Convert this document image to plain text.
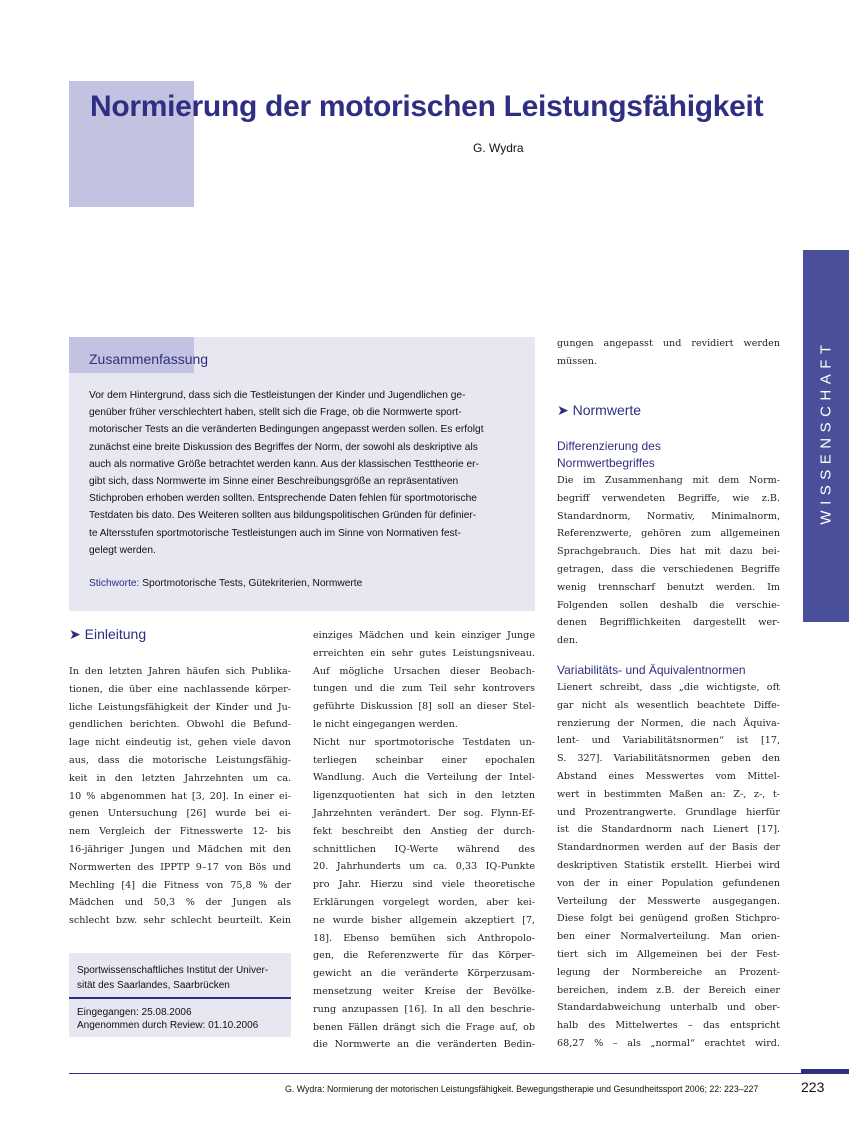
Normierung der motorischen Leistungsfähigkeit
G. Wydra
WISSENSCHAFT
Zusammenfassung
Vor dem Hintergrund, dass sich die Testleistungen der Kinder und Jugendlichen ge-
genüber früher verschlechtert haben, stellt sich die Frage, ob die Normwerte sport-
motorischer Tests an die veränderten Bedingungen angepasst werden sollen. Es erfolgt
zunächst eine breite Diskussion des Begriffes der Norm, der sowohl als deskriptive als
auch als normative Größe betrachtet werden kann. Aus der klassischen Testtheorie er-
gibt sich, dass Normwerte im Sinne einer Beschreibungsgröße an repräsentativen
Stichproben erhoben werden sollten. Entsprechende Daten fehlen für sportmotorische
Testdaten bis dato. Des Weiteren sollten aus bildungspolitischen Gründen für definier-
te Altersstufen sportmotorische Testleistungen auch im Sinne von Normativen fest-
gelegt werden.
Stichworte: Sportmotorische Tests, Gütekriterien, Normwerte
➤ Einleitung
In den letzten Jahren häufen sich Publika-
tionen, die über eine nachlassende körper-
liche Leistungsfähigkeit der Kinder und Ju-
gendlichen berichten. Obwohl die Befund-
lage nicht eindeutig ist, gehen viele davon
aus, dass die motorische Leistungsfähig-
keit in den letzten Jahrzehnten um ca.
10 % abgenommen hat [3, 20]. In einer ei-
genen Untersuchung [26] wurde bei ei-
nem Vergleich der Fitnesswerte 12- bis
16-jähriger Jungen und Mädchen mit den
Normwerten des IPPTP 9–17 von Bös und
Mechling [4] die Fitness von 75,8 % der
Mädchen und 50,3 % der Jungen als
schlecht bzw. sehr schlecht beurteilt. Kein
Sportwissenschaftliches Institut der Univer-
sität des Saarlandes, Saarbrücken
Eingegangen: 25.08.2006
Angenommen durch Review: 01.10.2006
einziges Mädchen und kein einziger Junge
erreichten ein sehr gutes Leistungsniveau.
Auf mögliche Ursachen dieser Beobach-
tungen und die zum Teil sehr kontrovers
geführte Diskussion [8] soll an dieser Stel-
le nicht eingegangen werden.
Nicht nur sportmotorische Testdaten un-
terliegen scheinbar einer epochalen
Wandlung. Auch die Verteilung der Intel-
ligenzquotienten hat sich in den letzten
Jahrzehnten verändert. Der sog. Flynn-Ef-
fekt beschreibt den Anstieg der durch-
schnittlichen IQ-Werte während des
20. Jahrhunderts um ca. 0,33 IQ-Punkte
pro Jahr. Hierzu sind viele theoretische
Erklärungen vorgelegt worden, aber kei-
ne wurde bisher allgemein akzeptiert [7,
18]. Ebenso bemühen sich Anthropolo-
gen, die Referenzwerte für das Körper-
gewicht an die veränderte Körperzusam-
mensetzung weiter Kreise der Bevölke-
rung anzupassen [16]. In all den beschrie-
benen Fällen drängt sich die Frage auf, ob
die Normwerte an die veränderten Bedin-
gungen angepasst und revidiert werden
müssen.
➤ Normwerte
Differenzierung des
Normwertbegriffes
Die im Zusammenhang mit dem Norm-
begriff verwendeten Begriffe, wie z.B.
Standardnorm, Normativ, Minimalnorm,
Referenzwerte, gehören zum allgemeinen
Sprachgebrauch. Dies hat mit dazu bei-
getragen, dass die verschiedenen Begriffe
wenig trennscharf benutzt werden. Im
Folgenden sollen deshalb die verschie-
denen Begrifflichkeiten dargestellt wer-
den.
Variabilitäts- und Äquivalentnormen
Lienert schreibt, dass „die wichtigste, oft
gar nicht als wesentlich beachtete Diffe-
renzierung der Normen, die nach Äquiva-
lent- und Variabilitätsnormen“ ist [17,
S. 327]. Variabilitätsnormen geben den
Abstand eines Messwertes vom Mittel-
wert in bestimmten Maßen an: Z-, z-, t-
und Prozentrangwerte. Grundlage hierfür
ist die Standardnorm nach Lienert [17].
Standardnormen werden auf der Basis der
deskriptiven Statistik erstellt. Hierbei wird
von der in einer Population gefundenen
Verteilung der Messwerte ausgegangen.
Diese folgt bei genügend großen Stichpro-
ben einer Normalverteilung. Man orien-
tiert sich im Allgemeinen bei der Fest-
legung der Normbereiche an Prozent-
bereichen, indem z.B. der Bereich einer
Standardabweichung unterhalb und ober-
halb des Mittelwertes – das entspricht
68,27 % – als „normal“ erachtet wird.
G. Wydra: Normierung der motorischen Leistungsfähigkeit. Bewegungstherapie und Gesundheitssport 2006; 22: 223–227	223
